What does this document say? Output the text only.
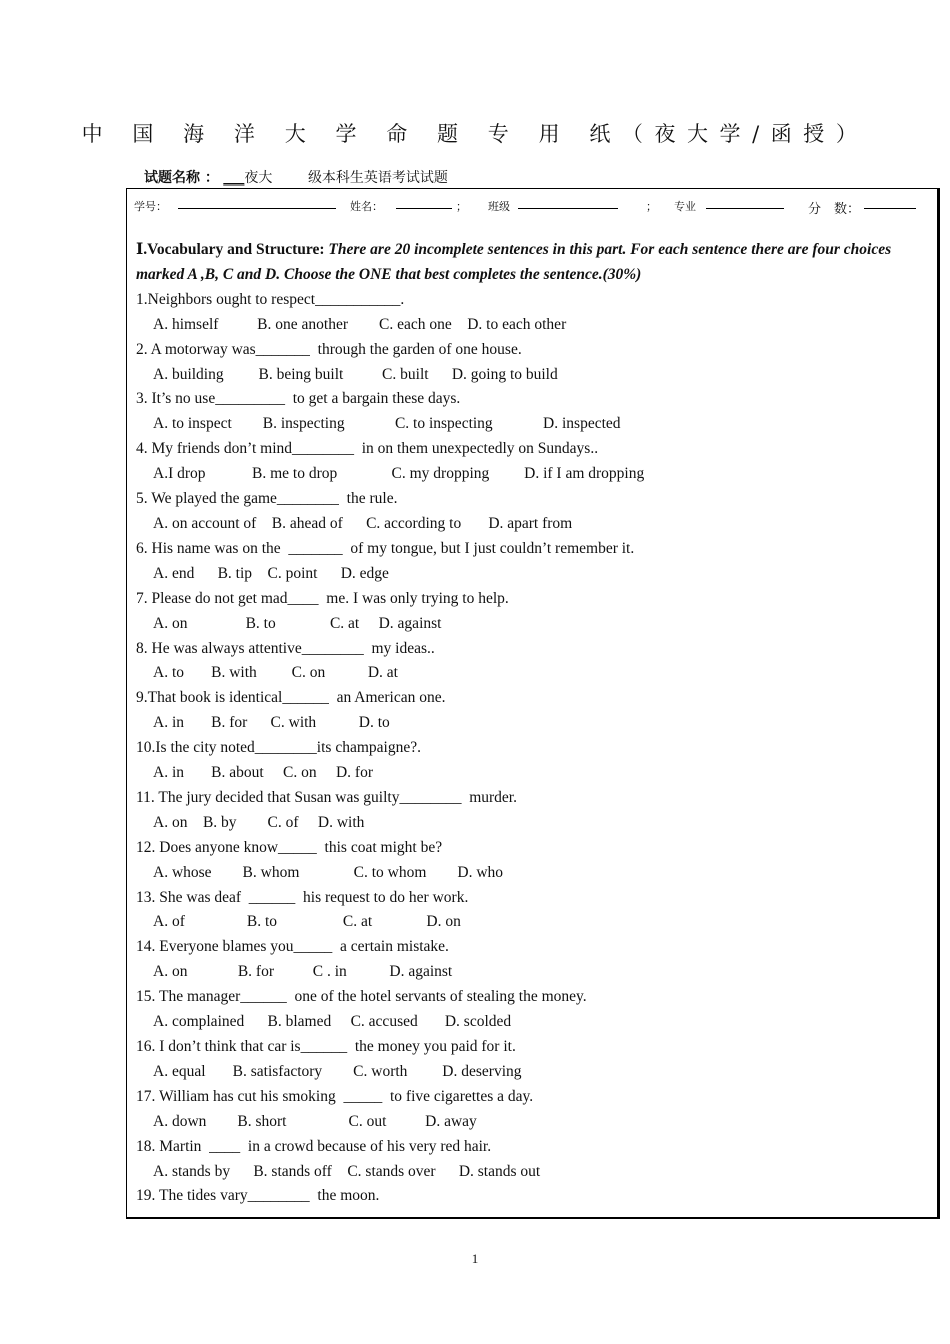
中 国 海 洋 大 学 命 题 专 用 纸（夜大学/函授）
试题名称 ： ___夜大	级本科生英语考试试题
学号：	姓名：	； 班级	； 专业	分　数：

Ⅰ.Vocabulary and Structure: There are 20 incomplete sentences in this part. For each sentence there are four choices marked A ,B, C and D. Choose the ONE that best completes the sentence.(30%)

1.Neighbors ought to respect___________.

A. himself          B. one another        C. each one    D. to each other

2. A motorway was_______  through the garden of one house.

A. building         B. being built          C. built      D. going to build

3. It’s no use_________  to get a bargain these days.

A. to inspect        B. inspecting             C. to inspecting             D. inspected

4. My friends don’t mind________  in on them unexpectedly on Sundays..

A.I drop            B. me to drop              C. my dropping         D. if I am dropping

5. We played the game________  the rule.

A. on account of    B. ahead of      C. according to       D. apart from

6. His name was on the  _______  of my tongue, but I just couldn’t remember it.

A. end      B. tip    C. point      D. edge

7. Please do not get mad____  me. I was only trying to help.

A. on               B. to              C. at     D. against

8. He was always attentive________  my ideas..

A. to       B. with         C. on           D. at

9.That book is identical______  an American one.

A. in       B. for      C. with           D. to

10.Is the city noted________its champaigne?.

A. in       B. about     C. on     D. for

11. The jury decided that Susan was guilty________  murder.

A. on    B. by        C. of     D. with

12. Does anyone know_____  this coat might be?

A. whose        B. whom              C. to whom        D. who

13. She was deaf  ______  his request to do her work.

A. of                B. to                 C. at              D. on

14. Everyone blames you_____  a certain mistake.

A. on             B. for          C . in           D. against

15. The manager______  one of the hotel servants of stealing the money.

A. complained      B. blamed     C. accused       D. scolded

16. I don’t think that car is______  the money you paid for it.

A. equal       B. satisfactory        C. worth         D. deserving

17. William has cut his smoking  _____  to five cigarettes a day.

A. down        B. short                C. out          D. away

18. Martin  ____  in a crowd because of his very red hair.

A. stands by      B. stands off    C. stands over      D. stands out

19. The tides vary________  the moon.

1
